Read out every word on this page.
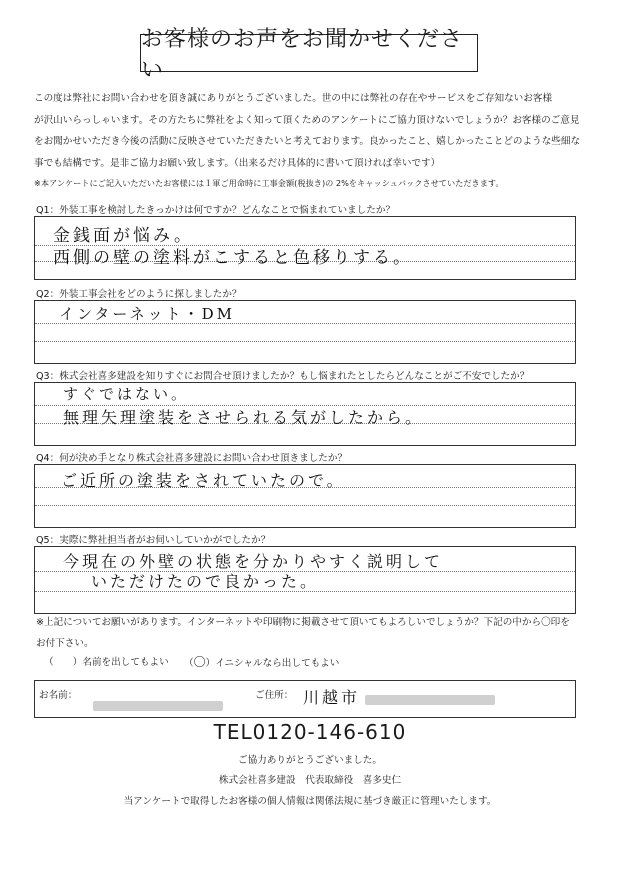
お客様のお声をお聞かせください

この度は弊社にお問い合わせを頂き誠にありがとうございました。世の中には弊社の存在やサービスをご存知ないお客様

が沢山いらっしゃいます。その方たちに弊社をよく知って頂くためのアンケートにご協力頂けないでしょうか？お客様のご意見

をお聞かせいただき今後の活動に反映させていただきたいと考えております。良かったこと、嬉しかったことどのような些細な

事でも結構です。是非ご協力お願い致します。（出来るだけ具体的に書いて頂ければ幸いです）

※本アンケートにご記入いただいたお客様には１軍ご用命時に工事金額(税抜き)の 2%をキャッシュバックさせていただきます。

Q1：外装工事を検討したきっかけは何ですか？どんなことで悩まれていましたか？
金銭面が悩み。
西側の壁の塗料がこすると色移りする。
Q2：外装工事会社をどのように探しましたか？
インターネット・DM
Q3：株式会社喜多建設を知りすぐにお問合せ頂けましたか？もし悩まれたとしたらどんなことがご不安でしたか？
すぐではない。
無理矢理塗装をさせられる気がしたから。
Q4：何が決め手となり株式会社喜多建設にお問い合わせ頂きましたか？
ご近所の塗装をされていたので。
Q5：実際に弊社担当者がお伺いしていかがでしたか？
今現在の外壁の状態を分かりやすく説明して
いただけたので良かった。
※上記についてお願いがあります。インターネットや印刷物に掲載させて頂いてもよろしいでしょうか？下記の中から〇印を
お付下さい。
（　　）名前を出してもよい （〇）イニシャルなら出してもよい
お名前：	ご住所： 川越市
TEL0120-146-610
ご協力ありがとうございました。
株式会社喜多建設　代表取締役　喜多史仁
当アンケートで取得したお客様の個人情報は関係法規に基づき厳正に管理いたします。
